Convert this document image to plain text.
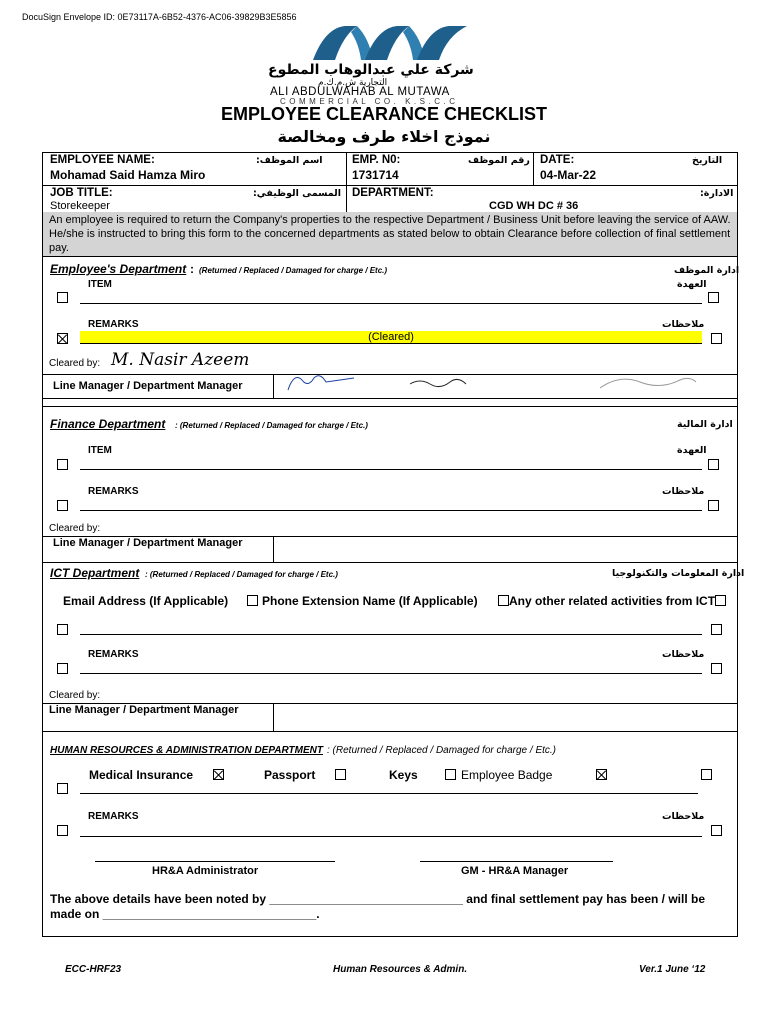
DocuSign Envelope ID: 0E73117A-6B52-4376-AC06-39829B3E5856
شركة علي عبدالوهاب المطوع
التجارية ش.م.ك.م
ALI ABDULWAHAB AL MUTAWA
COMMERCIAL CO. K.S.C.C
EMPLOYEE CLEARANCE CHECKLIST
نموذج اخلاء طرف ومخالصة
EMPLOYEE NAME:	اسم الموظف:
Mohamad Said Hamza Miro
EMP. N0:	رقم الموظف
1731714
DATE:	التاريخ
04-Mar-22
JOB TITLE:	المسمى الوظيفي:
Storekeeper
DEPARTMENT:	الادارة:
CGD WH DC # 36
An employee is required to return the Company's properties to the respective Department / Business Unit before leaving the service of AAW. He/she is instructed to bring this form to the concerned departments as stated below to obtain Clearance before collection of final settlement pay.
Employee's Department : (Returned / Replaced / Damaged for charge / Etc.)	ادارة الموظف
ITEM	العهدة
REMARKS	ملاحظات
(Cleared)
Cleared by: M. Nasir Azeem
Line Manager / Department Manager
Finance Department : (Returned / Replaced / Damaged for charge / Etc.)	ادارة المالية
ITEM	العهدة
REMARKS	ملاحظات
Cleared by:
Line Manager / Department Manager
ICT Department : (Returned / Replaced / Damaged for charge / Etc.)	ادارة المعلومات والتكنولوجيا
Email Address (If Applicable)	Phone Extension Name (If Applicable)	Any other related activities from ICT
REMARKS	ملاحظات
Cleared by:
Line Manager / Department Manager
HUMAN RESOURCES & ADMINISTRATION DEPARTMENT : (Returned / Replaced / Damaged for charge / Etc.)
Medical Insurance	Passport	Keys	Employee Badge
REMARKS	ملاحظات
HR&A Administrator	GM - HR&A Manager
The above details have been noted by _____________________________ and final settlement pay has been / will be
made on ________________________________.
ECC-HRF23	Human Resources & Admin.	Ver.1 June ‘12
